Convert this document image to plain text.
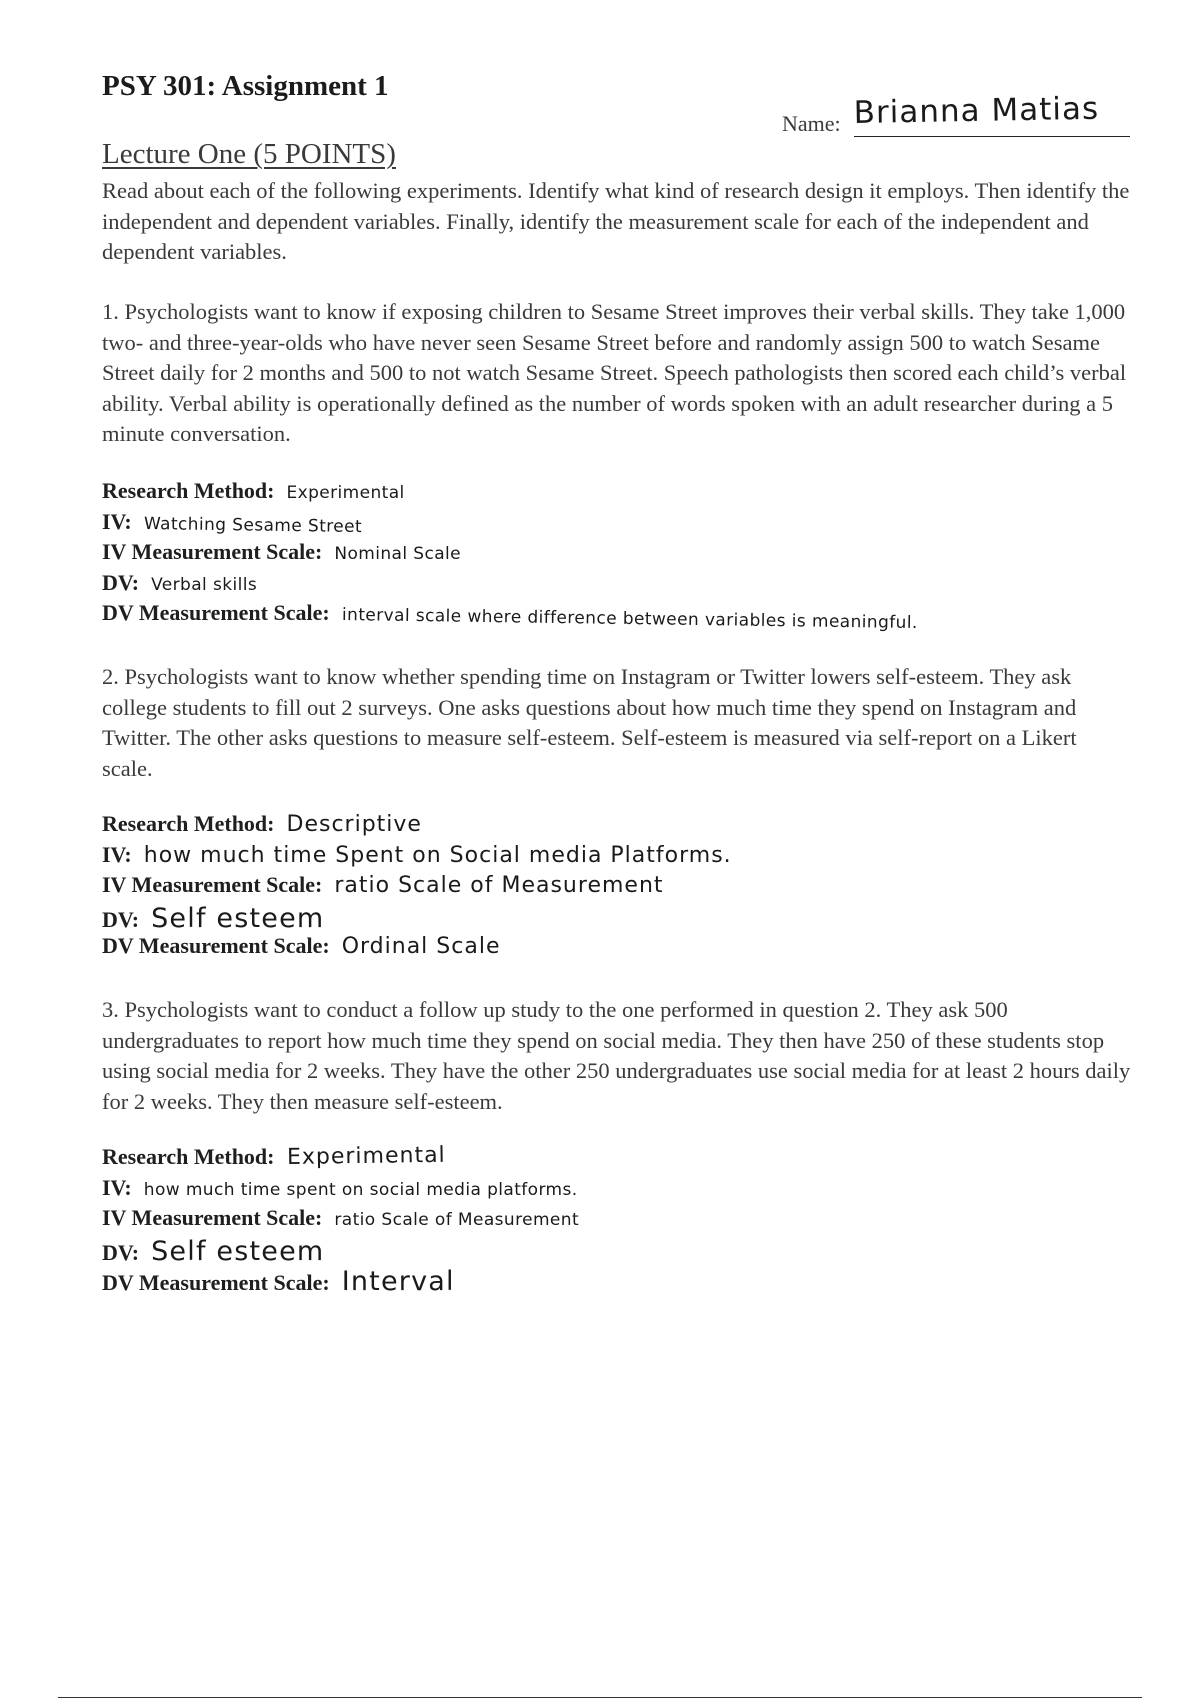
PSY 301: Assignment 1
Name: Brianna Matias
Lecture One (5 POINTS)

Read about each of the following experiments. Identify what kind of research design it employs. Then identify the independent and dependent variables. Finally, identify the measurement scale for each of the independent and dependent variables.

1. Psychologists want to know if exposing children to Sesame Street improves their verbal skills. They take 1,000 two- and three-year-olds who have never seen Sesame Street before and randomly assign 500 to watch Sesame Street daily for 2 months and 500 to not watch Sesame Street. Speech pathologists then scored each child’s verbal ability. Verbal ability is operationally defined as the number of words spoken with an adult researcher during a 5 minute conversation.

Research Method: Experimental
IV: Watching Sesame Street
IV Measurement Scale: Nominal Scale
DV: Verbal skills
DV Measurement Scale: interval scale where difference between variables is meaningful.

2. Psychologists want to know whether spending time on Instagram or Twitter lowers self-esteem. They ask college students to fill out 2 surveys. One asks questions about how much time they spend on Instagram and Twitter. The other asks questions to measure self-esteem. Self-esteem is measured via self-report on a Likert scale.

Research Method: Descriptive
IV: how much time Spent on Social media Platforms.
IV Measurement Scale: ratio Scale of Measurement
DV: Self esteem
DV Measurement Scale: Ordinal Scale

3. Psychologists want to conduct a follow up study to the one performed in question 2. They ask 500 undergraduates to report how much time they spend on social media. They then have 250 of these students stop using social media for 2 weeks. They have the other 250 undergraduates use social media for at least 2 hours daily for 2 weeks. They then measure self-esteem.

Research Method: Experimental
IV: how much time spent on social media platforms.
IV Measurement Scale: ratio Scale of Measurement
DV: Self esteem
DV Measurement Scale: Interval
